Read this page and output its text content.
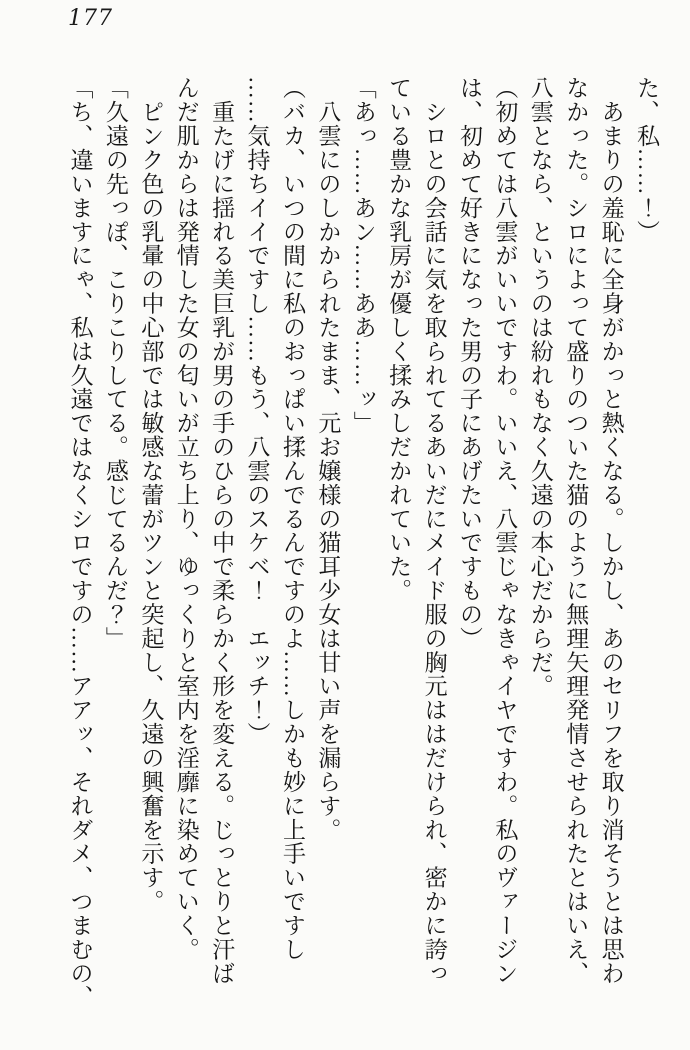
177

た、私……！）

　あまりの羞恥に全身がかっと熱くなる。しかし、あのセリフを取り消そうとは思わ

なかった。シロによって盛りのついた猫のように無理矢理発情させられたとはいえ、

八雲となら、というのは紛れもなく久遠の本心だからだ。

（初めては八雲がいいですわ。いいえ、八雲じゃなきゃイヤですわ。私のヴァージン

は、初めて好きになった男の子にあげたいですもの）

　シロとの会話に気を取られてるあいだにメイド服の胸元ははだけられ、密かに誇っ

ている豊かな乳房が優しく揉みしだかれていた。

「あっ……あン……ああ……ッ」

　八雲にのしかかられたまま、元お嬢様の猫耳少女は甘い声を漏らす。

（バカ、いつの間に私のおっぱい揉んでるんですのよ……しかも妙に上手いですし

……気持ちイイですし……もう、八雲のスケベ！　エッチ！）

　重たげに揺れる美巨乳が男の手のひらの中で柔らかく形を変える。じっとりと汗ば

んだ肌からは発情した女の匂いが立ち上り、ゆっくりと室内を淫靡に染めていく。

　ピンク色の乳暈の中心部では敏感な蕾がツンと突起し、久遠の興奮を示す。

「久遠の先っぽ、こりこりしてる。感じてるんだ？」

「ち、違いますにゃ、私は久遠ではなくシロですの……アアッ、それダメ、つまむの、
